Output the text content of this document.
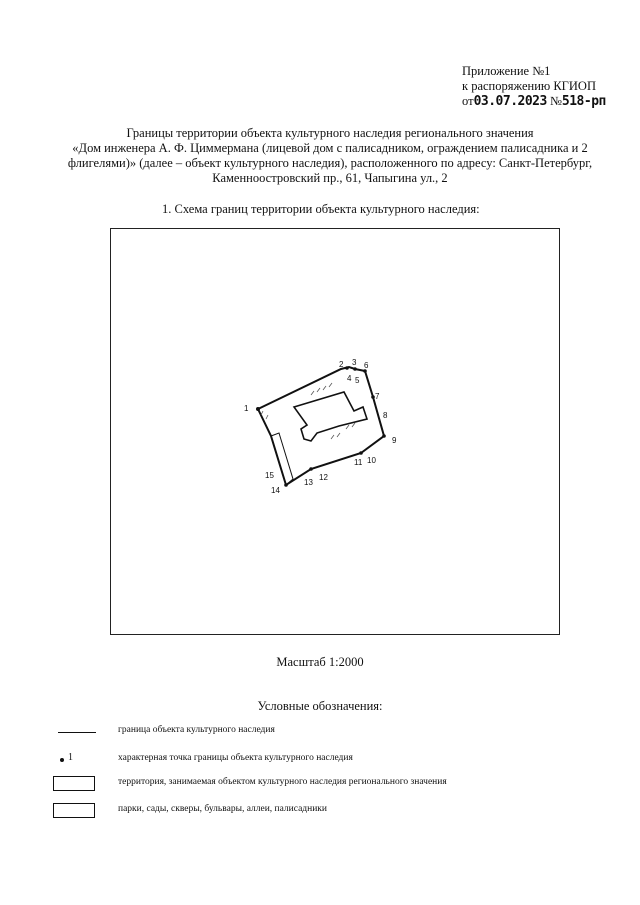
Приложение №1
к распоряжению КГИОП
от03.07.2023 №518-рп
Границы территории объекта культурного наследия регионального значения
«Дом инженера А. Ф. Циммермана (лицевой дом с палисадником, ограждением палисадника и 2
флигелями)» (далее – объект культурного наследия), расположенного по адресу: Санкт-Петербург,
Каменноостровский пр., 61, Чапыгина ул., 2
1. Схема границ территории объекта культурного наследия:
1
2 3
4 5
6
7
8
9
10
11
12
13
14
15
Масштаб 1:2000
Условные обозначения:
граница объекта культурного наследия
1	характерная точка границы объекта культурного наследия
территория, занимаемая объектом культурного наследия регионального значения
парки, сады, скверы, бульвары, аллеи, палисадники
